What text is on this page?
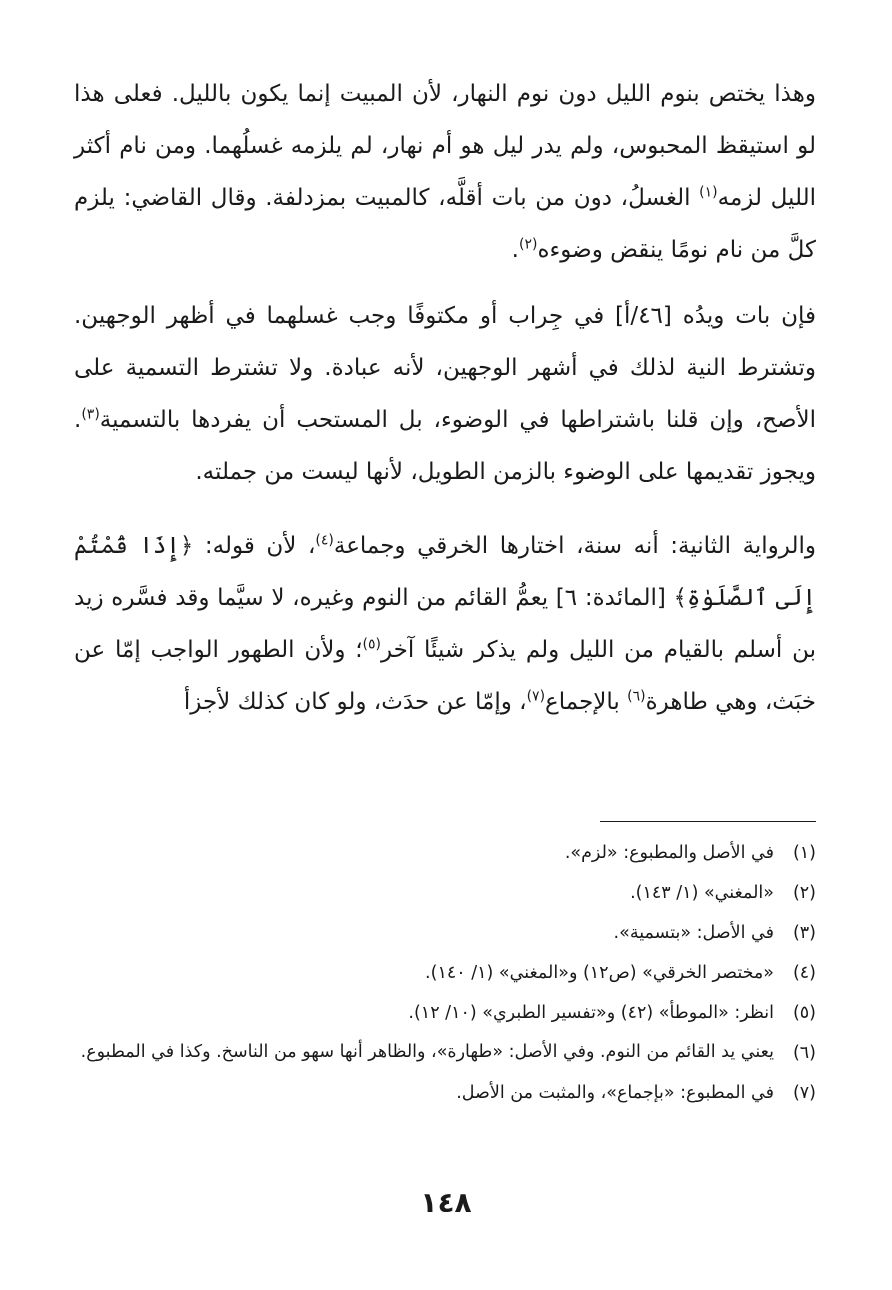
وهذا يختص بنوم الليل دون نوم النهار، لأن المبيت إنما يكون بالليل. فعلى هذا لو استيقظ المحبوس، ولم يدر ليل هو أم نهار، لم يلزمه غسلُهما. ومن نام أكثر الليل لزمه$^{(١)}$ الغسلُ، دون من بات أقلَّه، كالمبيت بمزدلفة. وقال القاضي: يلزم كلَّ من نام نومًا ينقض وضوءه$^{(٢)}$.

فإن بات ويدُه [٤٦/أ] في جِراب أو مكتوفًا وجب غسلهما في أظهر الوجهين. وتشترط النية لذلك في أشهر الوجهين، لأنه عبادة. ولا تشترط التسمية على الأصح، وإن قلنا باشتراطها في الوضوء، بل المستحب أن يفردها بالتسمية$^{(٣)}$. ويجوز تقديمها على الوضوء بالزمن الطويل، لأنها ليست من جملته.

والرواية الثانية: أنه سنة، اختارها الخرقي وجماعة$^{(٤)}$، لأن قوله: ﴿إِذَا قُمْتُمْ إِلَى ٱلصَّلَوٰةِ﴾ [المائدة: ٦] يعمُّ القائم من النوم وغيره، لا سيَّما وقد فسَّره زيد بن أسلم بالقيام من الليل ولم يذكر شيئًا آخر$^{(٥)}$؛ ولأن الطهور الواجب إمّا عن خبَث، وهي طاهرة$^{(٦)}$ بالإجماع$^{(٧)}$، وإمّا عن حدَث، ولو كان كذلك لأجزأ

(١)
في الأصل والمطبوع: «لزم».
(٢)
«المغني» (١/ ١٤٣).
(٣)
في الأصل: «بتسمية».
(٤)
«مختصر الخرقي» (ص١٢) و«المغني» (١/ ١٤٠).
(٥)
انظر: «الموطأ» (٤٢) و«تفسير الطبري» (١٠/ ١٢).
(٦)
يعني يد القائم من النوم. وفي الأصل: «طهارة»، والظاهر أنها سهو من الناسخ. وكذا في المطبوع.
(٧)
في المطبوع: «بإجماع»، والمثبت من الأصل.
١٤٨
